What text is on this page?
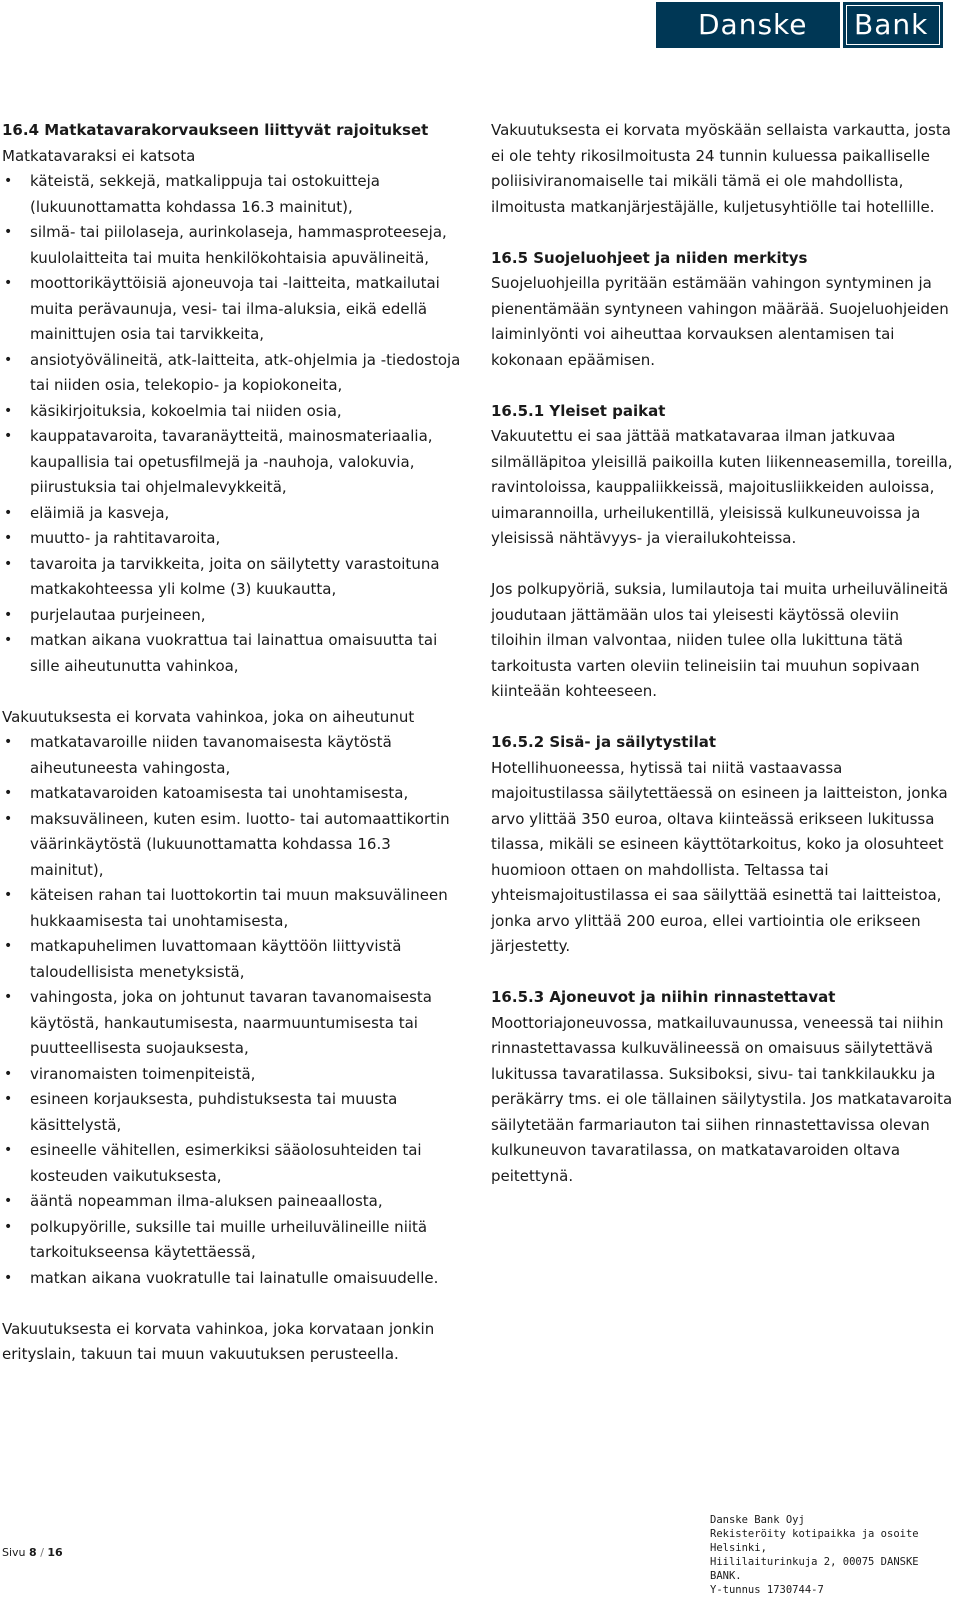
Danske	Bank
16.4 Matkatavarakorvaukseen liittyvät rajoitukset

Matkatavaraksi ei katsota

• käteistä, sekkejä, matkalippuja tai ostokuitteja (lukuunottamatta kohdassa 16.3 mainitut),
• silmä- tai piilolaseja, aurinkolaseja, hammasproteeseja, kuulolaitteita tai muita henkilökohtaisia apuvälineitä,
• moottorikäyttöisiä ajoneuvoja tai -laitteita, matkailutai muita perävaunuja, vesi- tai ilma-aluksia, eikä edellä mainittujen osia tai tarvikkeita,
• ansiotyövälineitä, atk-laitteita, atk-ohjelmia ja -tiedostoja tai niiden osia, telekopio- ja kopiokoneita,
• käsikirjoituksia, kokoelmia tai niiden osia,
• kauppatavaroita, tavaranäytteitä, mainosmateriaalia, kaupallisia tai opetusfilmejä ja -nauhoja, valokuvia, piirustuksia tai ohjelmalevykkeitä,
• eläimiä ja kasveja,
• muutto- ja rahtitavaroita,
• tavaroita ja tarvikkeita, joita on säilytetty varastoituna matkakohteessa yli kolme (3) kuukautta,
• purjelautaa purjeineen,
• matkan aikana vuokrattua tai lainattua omaisuutta tai sille aiheutunutta vahinkoa,

Vakuutuksesta ei korvata vahinkoa, joka on aiheutunut

• matkatavaroille niiden tavanomaisesta käytöstä aiheutuneesta vahingosta,
• matkatavaroiden katoamisesta tai unohtamisesta,
• maksuvälineen, kuten esim. luotto- tai automaattikortin väärinkäytöstä (lukuunottamatta kohdassa 16.3 mainitut),
• käteisen rahan tai luottokortin tai muun maksuvälineen hukkaamisesta tai unohtamisesta,
• matkapuhelimen luvattomaan käyttöön liittyvistä taloudellisista menetyksistä,
• vahingosta, joka on johtunut tavaran tavanomaisesta käytöstä, hankautumisesta, naarmuuntumisesta tai puutteellisesta suojauksesta,
• viranomaisten toimenpiteistä,
• esineen korjauksesta, puhdistuksesta tai muusta käsittelystä,
• esineelle vähitellen, esimerkiksi sääolosuhteiden tai kosteuden vaikutuksesta,
• ääntä nopeamman ilma-aluksen paineaallosta,
• polkupyörille, suksille tai muille urheiluvälineille niitä tarkoitukseensa käytettäessä,
• matkan aikana vuokratulle tai lainatulle omaisuudelle.

Vakuutuksesta ei korvata vahinkoa, joka korvataan jonkin erityslain, takuun tai muun vakuutuksen perusteella.

Vakuutuksesta ei korvata myöskään sellaista varkautta, josta ei ole tehty rikosilmoitusta 24 tunnin kuluessa paikalliselle poliisiviranomaiselle tai mikäli tämä ei ole mahdollista, ilmoitusta matkanjärjestäjälle, kuljetusyhtiölle tai hotellille.

16.5 Suojeluohjeet ja niiden merkitys

Suojeluohjeilla pyritään estämään vahingon syntyminen ja pienentämään syntyneen vahingon määrää. Suojeluohjeiden laiminlyönti voi aiheuttaa korvauksen alentamisen tai kokonaan epäämisen.

16.5.1 Yleiset paikat

Vakuutettu ei saa jättää matkatavaraa ilman jatkuvaa silmälläpitoa yleisillä paikoilla kuten liikenneasemilla, toreilla, ravintoloissa, kauppaliikkeissä, majoitusliikkeiden auloissa, uimarannoilla, urheilukentillä, yleisissä kulkuneuvoissa ja yleisissä nähtävyys- ja vierailukohteissa.

Jos polkupyöriä, suksia, lumilautoja tai muita urheiluvälineitä joudutaan jättämään ulos tai yleisesti käytössä oleviin tiloihin ilman valvontaa, niiden tulee olla lukittuna tätä tarkoitusta varten oleviin telineisiin tai muuhun sopivaan kiinteään kohteeseen.

16.5.2 Sisä- ja säilytystilat

Hotellihuoneessa, hytissä tai niitä vastaavassa majoitustilassa säilytettäessä on esineen ja laitteiston, jonka arvo ylittää 350 euroa, oltava kiinteässä erikseen lukitussa tilassa, mikäli se esineen käyttötarkoitus, koko ja olosuhteet huomioon ottaen on mahdollista. Teltassa tai yhteismajoitustilassa ei saa säilyttää esinettä tai laitteistoa, jonka arvo ylittää 200 euroa, ellei vartiointia ole erikseen järjestetty.

16.5.3 Ajoneuvot ja niihin rinnastettavat

Moottoriajoneuvossa, matkailuvaunussa, veneessä tai niihin rinnastettavassa kulkuvälineessä on omaisuus säilytettävä lukitussa tavaratilassa. Suksiboksi, sivu- tai tankkilaukku ja peräkärry tms. ei ole tällainen säilytystila. Jos matkatavaroita säilytetään farmariauton tai siihen rinnastettavissa olevan kulkuneuvon tavaratilassa, on matkatavaroiden oltava peitettynä.

Sivu 8 / 16
Danske Bank Oyj
Rekisteröity kotipaikka ja osoite Helsinki,
Hiililaiturinkuja 2, 00075 DANSKE BANK.
Y-tunnus 1730744-7
